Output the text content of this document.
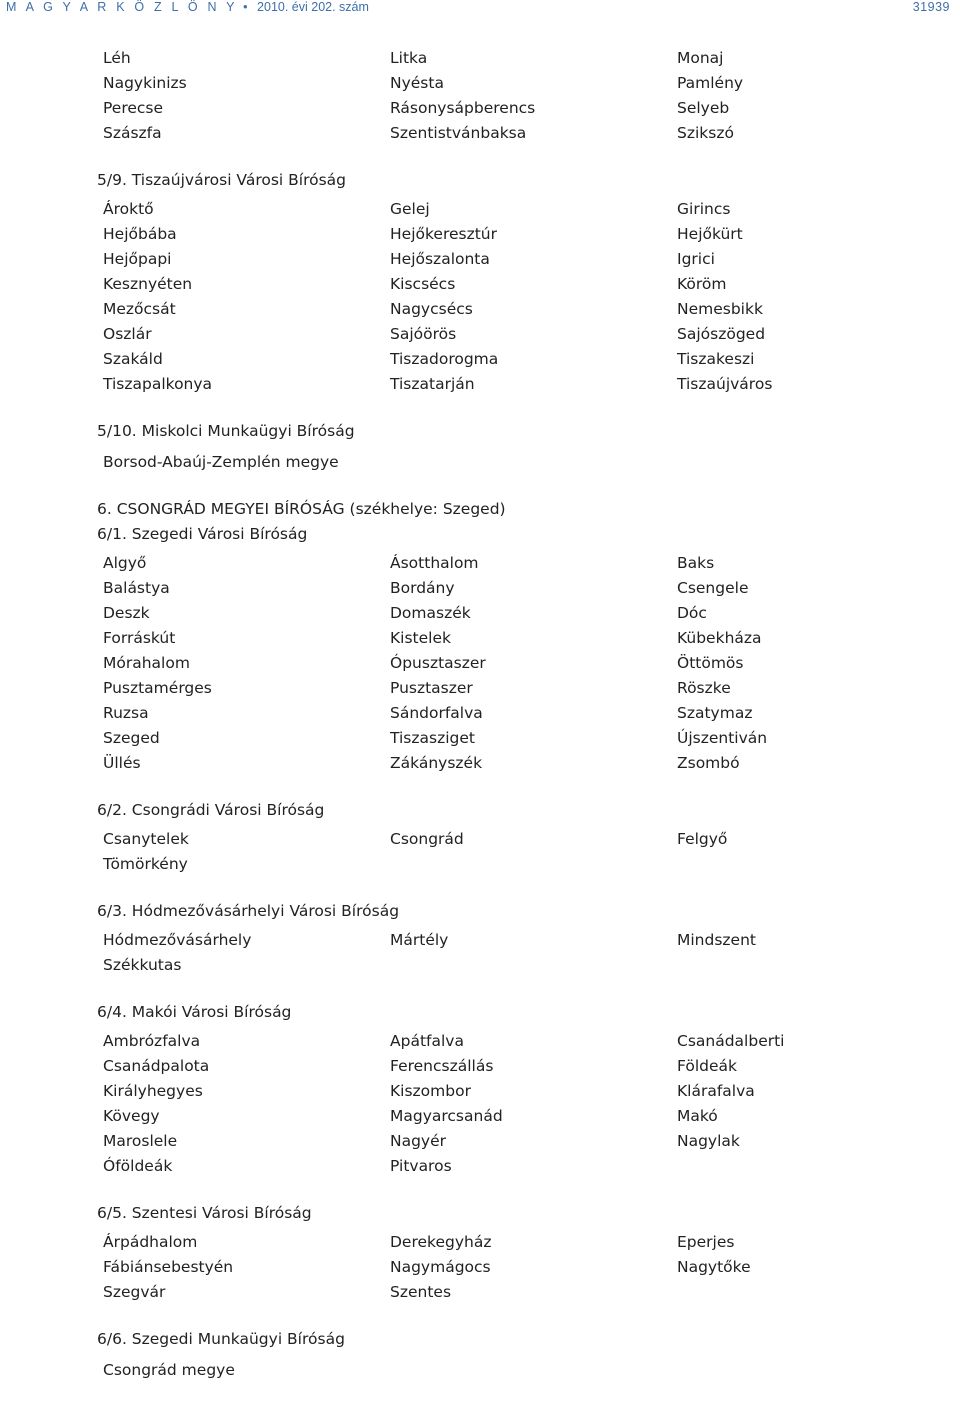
M A G Y A R K Ö Z L Ö N Y • 2010. évi 202. szám	31939
Léh	Litka	Monaj
Nagykinizs	Nyésta	Pamlény
Perecse	Rásonysápberencs	Selyeb
Szászfa	Szentistvánbaksa	Szikszó
5/9. Tiszaújvárosi Városi Bíróság
Ároktő	Gelej	Girincs
Hejőbába	Hejőkeresztúr	Hejőkürt
Hejőpapi	Hejőszalonta	Igrici
Kesznyéten	Kiscsécs	Köröm
Mezőcsát	Nagycsécs	Nemesbikk
Oszlár	Sajóörös	Sajószöged
Szakáld	Tiszadorogma	Tiszakeszi
Tiszapalkonya	Tiszatarján	Tiszaújváros
5/10. Miskolci Munkaügyi Bíróság
Borsod-Abaúj-Zemplén megye
6. CSONGRÁD MEGYEI BÍRÓSÁG (székhelye: Szeged)
6/1. Szegedi Városi Bíróság
Algyő	Ásotthalom	Baks
Balástya	Bordány	Csengele
Deszk	Domaszék	Dóc
Forráskút	Kistelek	Kübekháza
Mórahalom	Ópusztaszer	Öttömös
Pusztamérges	Pusztaszer	Röszke
Ruzsa	Sándorfalva	Szatymaz
Szeged	Tiszasziget	Újszentiván
Üllés	Zákányszék	Zsombó
6/2. Csongrádi Városi Bíróság
Csanytelek	Csongrád	Felgyő
Tömörkény
6/3. Hódmezővásárhelyi Városi Bíróság
Hódmezővásárhely	Mártély	Mindszent
Székkutas
6/4. Makói Városi Bíróság
Ambrózfalva	Apátfalva	Csanádalberti
Csanádpalota	Ferencszállás	Földeák
Királyhegyes	Kiszombor	Klárafalva
Kövegy	Magyarcsanád	Makó
Maroslele	Nagyér	Nagylak
Óföldeák	Pitvaros
6/5. Szentesi Városi Bíróság
Árpádhalom	Derekegyház	Eperjes
Fábiánsebestyén	Nagymágocs	Nagytőke
Szegvár	Szentes
6/6. Szegedi Munkaügyi Bíróság
Csongrád megye
